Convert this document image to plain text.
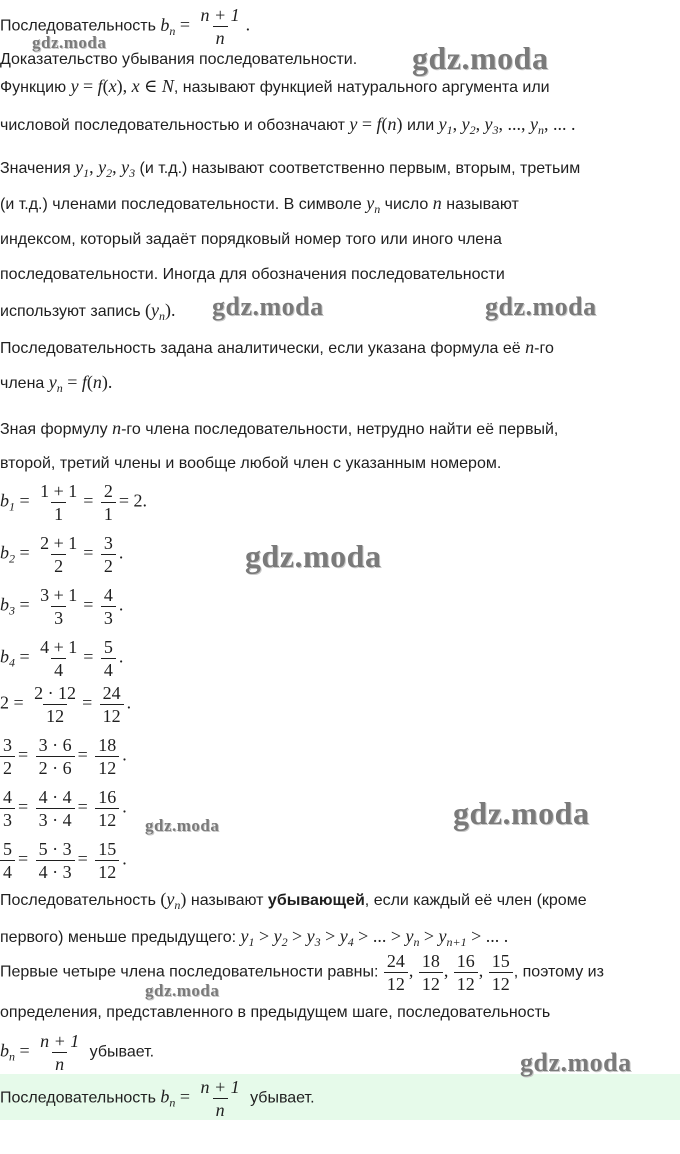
Последовательность $b_n = \frac{n + 1}{n}$ .
Доказательство убывания последовательности.
Функцию y = f(x), x ∈ N, называют функцией натурального аргумента или
числовой последовательностью и обозначают y = f(n) или $y_1$, $y_2$, $y_3$, ..., $y_n$, ... .
Значения $y_1$, $y_2$, $y_3$ (и т.д.) называют соответственно первым, вторым, третьим
(и т.д.) членами последовательности. В символе $y_n$ число n называют
индексом, который задаёт порядковый номер того или иного члена
последовательности. Иногда для обозначения последовательности
используют запись $(y_n)$.
Последовательность задана аналитически, если указана формула её n-го
члена $y_n = f(n)$.
Зная формулу n-го члена последовательности, нетрудно найти её первый,
второй, третий члены и вообще любой член с указанным номером.
$b_1 = \frac{1 + 1}{1} = \frac{2}{1} = 2$.
$b_2 = \frac{2 + 1}{2} = \frac{3}{2}$ .
$b_3 = \frac{3 + 1}{3} = \frac{4}{3}$ .
$b_4 = \frac{4 + 1}{4} = \frac{5}{4}$ .
$2 = \frac{2 \cdot 12}{12} = \frac{24}{12}$ .
$\frac{3}{2} = \frac{3 \cdot 6}{2 \cdot 6} = \frac{18}{12}$ .
$\frac{4}{3} = \frac{4 \cdot 4}{3 \cdot 4} = \frac{16}{12}$ .
$\frac{5}{4} = \frac{5 \cdot 3}{4 \cdot 3} = \frac{15}{12}$ .
Последовательность $(y_n)$ называют убывающей, если каждый её член (кроме
первого) меньше предыдущего: $y_1 > y_2 > y_3 > y_4$ > ... > $y_n > y_{n+1}$ > ... .
Первые четыре члена последовательности равны: $\frac{24}{12}$ , $\frac{18}{12}$ , $\frac{16}{12}$ , $\frac{15}{12}$ , поэтому из
определения, представленного в предыдущем шаге, последовательность
$b_n = \frac{n + 1}{n}$ убывает.
Последовательность $b_n = \frac{n + 1}{n}$ убывает.
gdz.moda	gdz.moda
gdz.moda	gdz.moda
gdz.moda
gdz.moda
gdz.moda
gdz.moda
gdz.moda
